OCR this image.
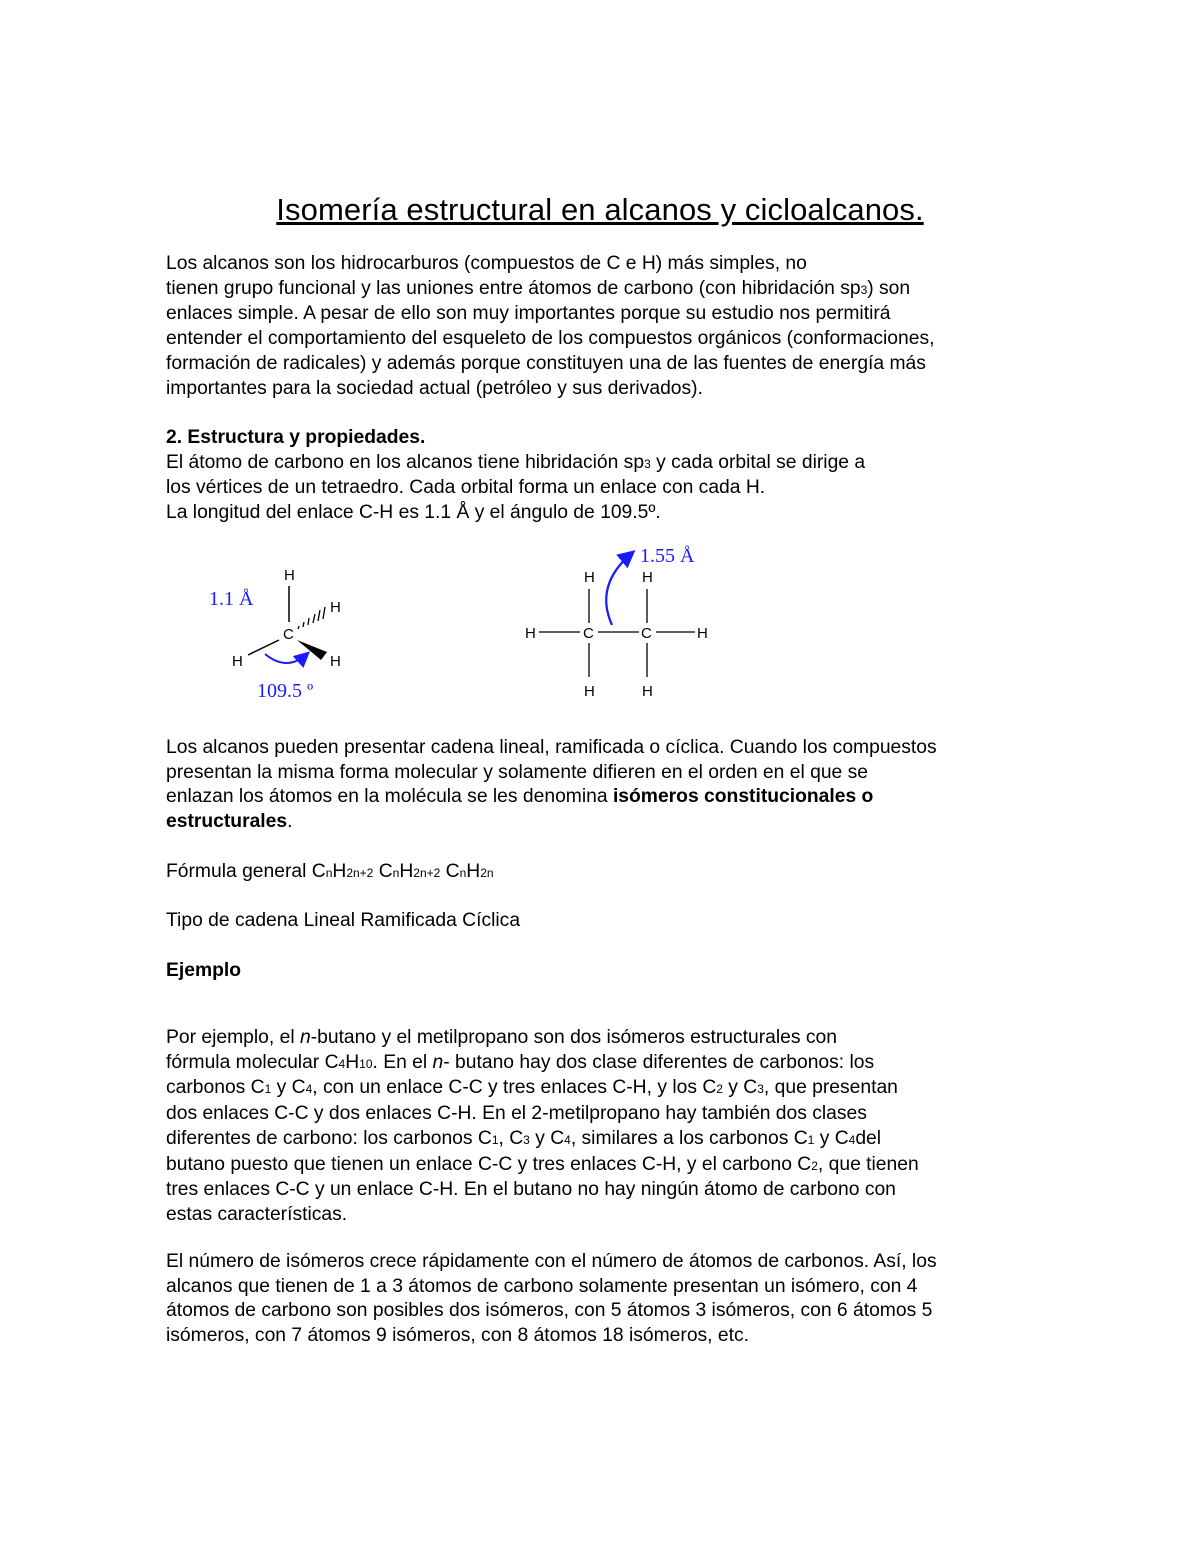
Isomería estructural en alcanos y cicloalcanos.
Los alcanos son los hidrocarburos (compuestos de C e H) más simples, no
tienen grupo funcional y las uniones entre átomos de carbono (con hibridación sp3) son
enlaces simple. A pesar de ello son muy importantes porque su estudio nos permitirá
entender el comportamiento del esqueleto de los compuestos orgánicos (conformaciones,
formación de radicales) y además porque constituyen una de las fuentes de energía más
importantes para la sociedad actual (petróleo y sus derivados).
2. Estructura y propiedades.
El átomo de carbono en los alcanos tiene hibridación sp3 y cada orbital se dirige a
los vértices de un tetraedro. Cada orbital forma un enlace con cada H.
La longitud del enlace C-H es 1.1 Å y el ángulo de 109.5º.
1.1 Å
H
C
H
H
H
109.5 º
1.55 Å
H	H
H	C	C	H
H	H
Los alcanos pueden presentar cadena lineal, ramificada o cíclica. Cuando los compuestos
presentan la misma forma molecular y solamente difieren en el orden en el que se
enlazan los átomos en la molécula se les denomina isómeros constitucionales o
estructurales.
Fórmula general CnH2n+2 CnH2n+2 CnH2n
Tipo de cadena Lineal Ramificada Cíclica
Ejemplo
Por ejemplo, el n-butano y el metilpropano son dos isómeros estructurales con
fórmula molecular C4H10. En el n- butano hay dos clase diferentes de carbonos: los
carbonos C1 y C4, con un enlace C-C y tres enlaces C-H, y los C2 y C3, que presentan
dos enlaces C-C y dos enlaces C-H. En el 2-metilpropano hay también dos clases
diferentes de carbono: los carbonos C1, C3 y C4, similares a los carbonos C1 y C4del
butano puesto que tienen un enlace C-C y tres enlaces C-H, y el carbono C2, que tienen
tres enlaces C-C y un enlace C-H. En el butano no hay ningún átomo de carbono con
estas características.
El número de isómeros crece rápidamente con el número de átomos de carbonos. Así, los
alcanos que tienen de 1 a 3 átomos de carbono solamente presentan un isómero, con 4
átomos de carbono son posibles dos isómeros, con 5 átomos 3 isómeros, con 6 átomos 5
isómeros, con 7 átomos 9 isómeros, con 8 átomos 18 isómeros, etc.
